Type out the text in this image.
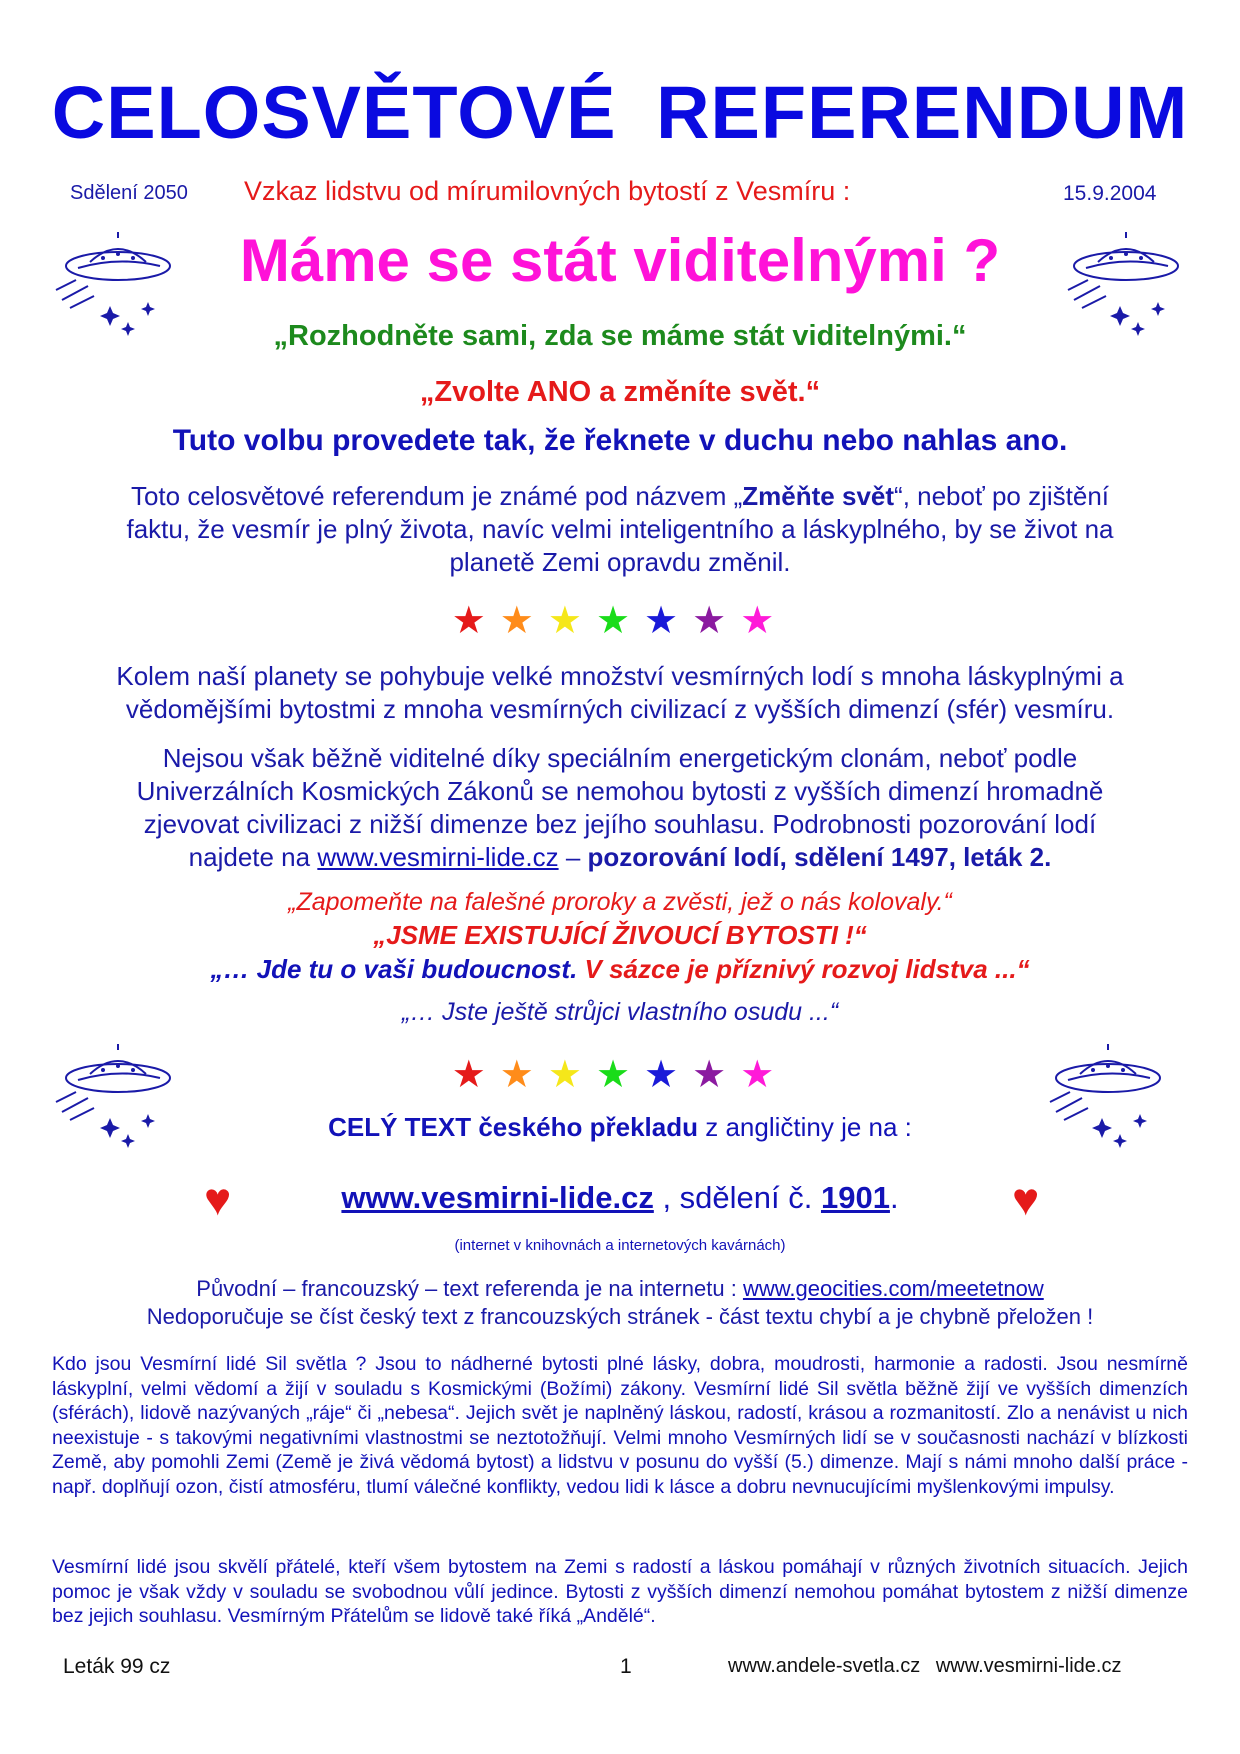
CELOSVĚTOVÉ REFERENDUM
Sdělení 2050 Vzkaz lidstvu od mírumilovných bytostí z Vesmíru :	15.9.2004
Máme se stát viditelnými ?
„Rozhodněte sami, zda se máme stát viditelnými.“
„Zvolte ANO a změníte svět.“
Tuto volbu provedete tak, že řeknete v duchu nebo nahlas ano.
Toto celosvětové referendum je známé pod názvem „Změňte svět“, neboť po zjištění
faktu, že vesmír je plný života, navíc velmi inteligentního a láskyplného, by se život na
planetě Zemi opravdu změnil.
★★★★★★★
Kolem naší planety se pohybuje velké množství vesmírných lodí s mnoha láskyplnými a
vědomějšími bytostmi z mnoha vesmírných civilizací z vyšších dimenzí (sfér) vesmíru.
Nejsou však běžně viditelné díky speciálním energetickým clonám, neboť podle
Univerzálních Kosmických Zákonů se nemohou bytosti z vyšších dimenzí hromadně
zjevovat civilizaci z nižší dimenze bez jejího souhlasu. Podrobnosti pozorování lodí
najdete na www.vesmirni-lide.cz – pozorování lodí, sdělení 1497, leták 2.
„Zapomeňte na falešné proroky a zvěsti, jež o nás kolovaly.“
„JSME EXISTUJÍCÍ ŽIVOUCÍ BYTOSTI !“
„… Jde tu o vaši budoucnost. V sázce je příznivý rozvoj lidstva ...“
„… Jste ještě strůjci vlastního osudu ...“
★★★★★★★
CELÝ TEXT českého překladu z angličtiny je na :
♥	www.vesmirni-lide.cz , sdělení č. 1901.	♥
(internet v knihovnách a internetových kavárnách)
Původní – francouzský – text referenda je na internetu : www.geocities.com/meetetnow
Nedoporučuje se číst český text z francouzských stránek - část textu chybí a je chybně přeložen !
Kdo jsou Vesmírní lidé Sil světla ? Jsou to nádherné bytosti plné lásky, dobra, moudrosti, harmonie a radosti. Jsou nesmírně láskyplní, velmi vědomí a žijí v souladu s Kosmickými (Božími) zákony. Vesmírní lidé Sil světla běžně žijí ve vyšších dimenzích (sférách), lidově nazývaných „ráje“ či „nebesa“. Jejich svět je naplněný láskou, radostí, krásou a rozmanitostí. Zlo a nenávist u nich neexistuje - s takovými negativními vlastnostmi se neztotožňují. Velmi mnoho Vesmírných lidí se v současnosti nachází v blízkosti Země, aby pomohli Zemi (Země je živá vědomá bytost) a lidstvu v posunu do vyšší (5.) dimenze. Mají s námi mnoho další práce - např. doplňují ozon, čistí atmosféru, tlumí válečné konflikty, vedou lidi k lásce a dobru nevnucujícími myšlenkovými impulsy.
Vesmírní lidé jsou skvělí přátelé, kteří všem bytostem na Zemi s radostí a láskou pomáhají v různých životních situacích. Jejich pomoc je však vždy v souladu se svobodnou vůlí jedince. Bytosti z vyšších dimenzí nemohou pomáhat bytostem z nižší dimenze bez jejich souhlasu. Vesmírným Přátelům se lidově také říká „Andělé“.
Leták 99 cz	1	www.andele-svetla.cz www.vesmirni-lide.cz
